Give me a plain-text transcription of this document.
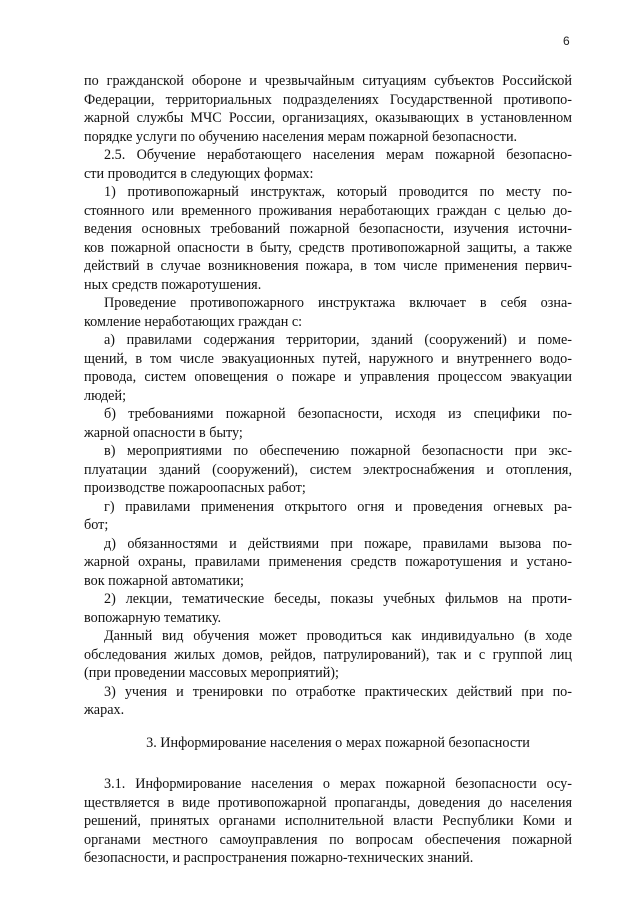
6
по гражданской обороне и чрезвычайным ситуациям субъектов Российской
Федерации, территориальных подразделениях Государственной противопо-
жарной службы МЧС России, организациях, оказывающих в установленном
порядке услуги по обучению населения мерам пожарной безопасности.
2.5. Обучение неработающего населения мерам пожарной безопасно-
сти проводится в следующих формах:
1) противопожарный инструктаж, который проводится по месту по-
стоянного или временного проживания неработающих граждан с целью до-
ведения основных требований пожарной безопасности, изучения источни-
ков пожарной опасности в быту, средств противопожарной защиты, а также
действий в случае возникновения пожара, в том числе применения первич-
ных средств пожаротушения.
Проведение противопожарного инструктажа включает в себя озна-
комление неработающих граждан с:
а) правилами содержания территории, зданий (сооружений) и поме-
щений, в том числе эвакуационных путей, наружного и внутреннего водо-
провода, систем оповещения о пожаре и управления процессом эвакуации
людей;
б) требованиями пожарной безопасности, исходя из специфики по-
жарной опасности в быту;
в) мероприятиями по обеспечению пожарной безопасности при экс-
плуатации зданий (сооружений), систем электроснабжения и отопления,
производстве пожароопасных работ;
г) правилами применения открытого огня и проведения огневых ра-
бот;
д) обязанностями и действиями при пожаре, правилами вызова по-
жарной охраны, правилами применения средств пожаротушения и устано-
вок пожарной автоматики;
2) лекции, тематические беседы, показы учебных фильмов на проти-
вопожарную тематику.
Данный вид обучения может проводиться как индивидуально (в ходе
обследования жилых домов, рейдов, патрулирований), так и с группой лиц
(при проведении массовых мероприятий);
3) учения и тренировки по отработке практических действий при по-
жарах.
3. Информирование населения о мерах пожарной безопасности
3.1. Информирование населения о мерах пожарной безопасности осу-
ществляется в виде противопожарной пропаганды, доведения до населения
решений, принятых органами исполнительной власти Республики Коми и
органами местного самоуправления по вопросам обеспечения пожарной
безопасности, и распространения пожарно-технических знаний.
